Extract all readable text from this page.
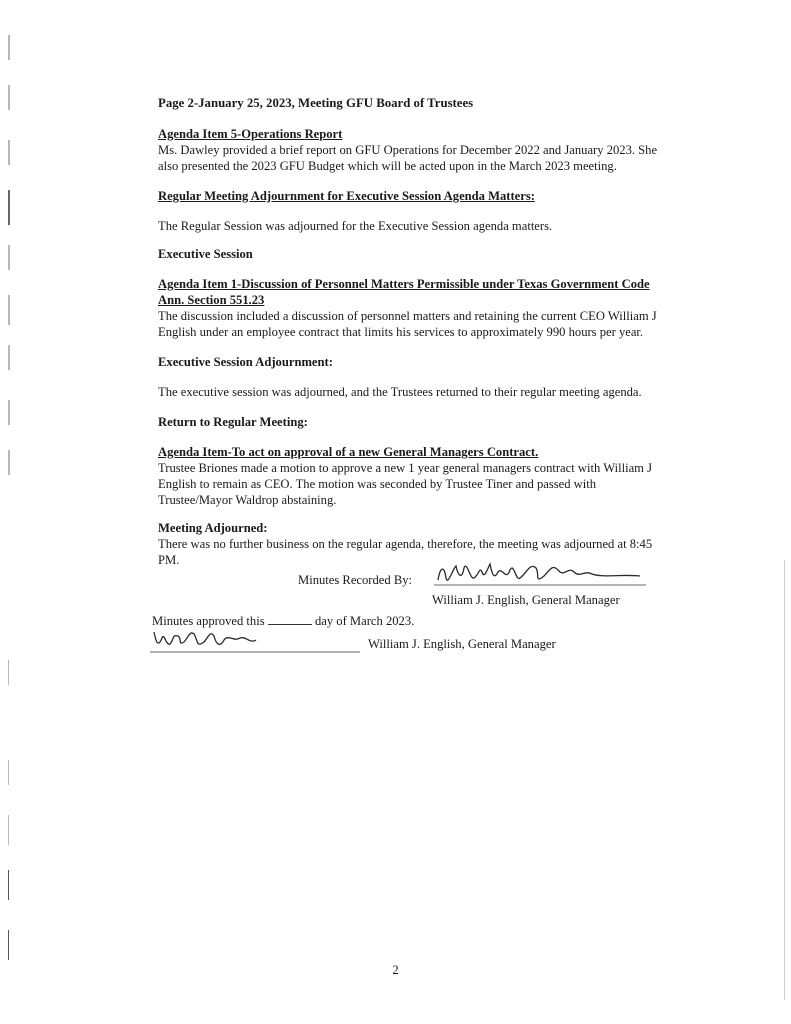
Page 2-January 25, 2023, Meeting GFU Board of Trustees
Agenda Item 5-Operations Report

Ms. Dawley provided a brief report on GFU Operations for December 2022 and January 2023. She also presented the 2023 GFU Budget which will be acted upon in the March 2023 meeting.

Regular Meeting Adjournment for Executive Session Agenda Matters:

The Regular Session was adjourned for the Executive Session agenda matters.

Executive Session
Agenda Item 1-Discussion of Personnel Matters Permissible under Texas Government Code Ann. Section 551.23

The discussion included a discussion of personnel matters and retaining the current CEO William J English under an employee contract that limits his services to approximately 990 hours per year.

Executive Session Adjournment:

The executive session was adjourned, and the Trustees returned to their regular meeting agenda.

Return to Regular Meeting:
Agenda Item-To act on approval of a new General Managers Contract.

Trustee Briones made a motion to approve a new 1 year general managers contract with William J English to remain as CEO. The motion was seconded by Trustee Tiner and passed with Trustee/Mayor Waldrop abstaining.

Meeting Adjourned:

There was no further business on the regular agenda, therefore, the meeting was adjourned at 8:45 PM.

Minutes Recorded By:
William J. English, General Manager
Minutes approved this	day of March 2023.
William J. English, General Manager
2
